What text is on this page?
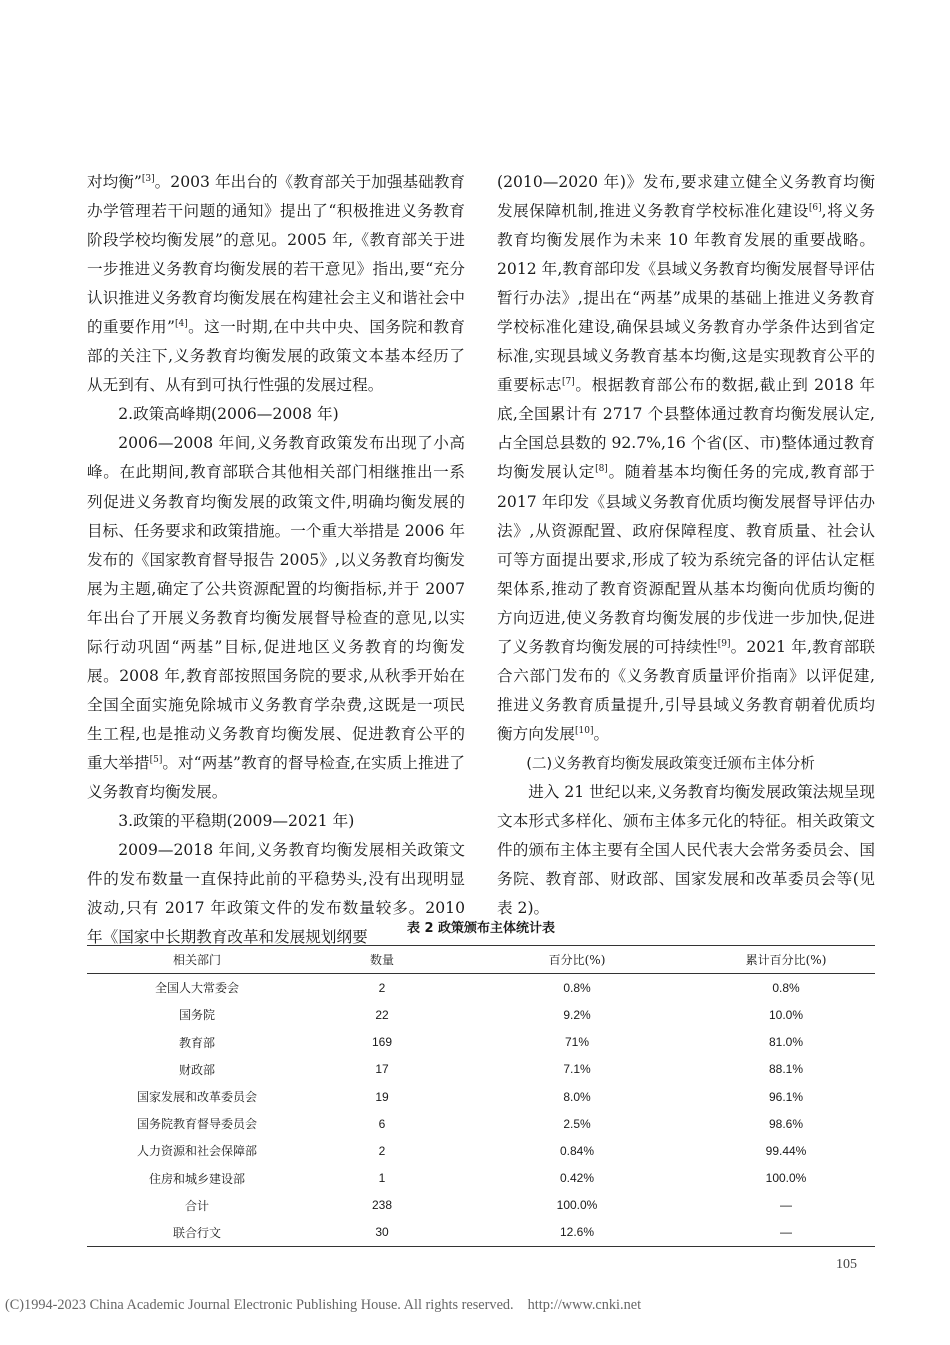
对均衡”[3]。2003 年出台的《教育部关于加强基础教育办学管理若干问题的通知》提出了“积极推进义务教育阶段学校均衡发展”的意见。2005 年,《教育部关于进一步推进义务教育均衡发展的若干意见》指出,要“充分认识推进义务教育均衡发展在构建社会主义和谐社会中的重要作用”[4]。这一时期,在中共中央、国务院和教育部的关注下,义务教育均衡发展的政策文本基本经历了从无到有、从有到可执行性强的发展过程。

2.政策高峰期(2006—2008 年)

2006—2008 年间,义务教育政策发布出现了小高峰。在此期间,教育部联合其他相关部门相继推出一系列促进义务教育均衡发展的政策文件,明确均衡发展的目标、任务要求和政策措施。一个重大举措是 2006 年发布的《国家教育督导报告 2005》,以义务教育均衡发展为主题,确定了公共资源配置的均衡指标,并于 2007 年出台了开展义务教育均衡发展督导检查的意见,以实际行动巩固“两基”目标,促进地区义务教育的均衡发展。2008 年,教育部按照国务院的要求,从秋季开始在全国全面实施免除城市义务教育学杂费,这既是一项民生工程,也是推动义务教育均衡发展、促进教育公平的重大举措[5]。对“两基”教育的督导检查,在实质上推进了义务教育均衡发展。

3.政策的平稳期(2009—2021 年)

2009—2018 年间,义务教育均衡发展相关政策文件的发布数量一直保持此前的平稳势头,没有出现明显波动,只有 2017 年政策文件的发布数量较多。2010 年《国家中长期教育改革和发展规划纲要

(2010—2020 年)》发布,要求建立健全义务教育均衡发展保障机制,推进义务教育学校标准化建设[6],将义务教育均衡发展作为未来 10 年教育发展的重要战略。2012 年,教育部印发《县域义务教育均衡发展督导评估暂行办法》,提出在“两基”成果的基础上推进义务教育学校标准化建设,确保县域义务教育办学条件达到省定标准,实现县域义务教育基本均衡,这是实现教育公平的重要标志[7]。根据教育部公布的数据,截止到 2018 年底,全国累计有 2717 个县整体通过教育均衡发展认定,占全国总县数的 92.7%,16 个省(区、市)整体通过教育均衡发展认定[8]。随着基本均衡任务的完成,教育部于 2017 年印发《县域义务教育优质均衡发展督导评估办法》,从资源配置、政府保障程度、教育质量、社会认可等方面提出要求,形成了较为系统完备的评估认定框架体系,推动了教育资源配置从基本均衡向优质均衡的方向迈进,使义务教育均衡发展的步伐进一步加快,促进了义务教育均衡发展的可持续性[9]。2021 年,教育部联合六部门发布的《义务教育质量评价指南》以评促建,推进义务教育质量提升,引导县域义务教育朝着优质均衡方向发展[10]。

(二)义务教育均衡发展政策变迁颁布主体分析

进入 21 世纪以来,义务教育均衡发展政策法规呈现文本形式多样化、颁布主体多元化的特征。相关政策文件的颁布主体主要有全国人民代表大会常务委员会、国务院、教育部、财政部、国家发展和改革委员会等(见表 2)。

表 2 政策颁布主体统计表
相关部门	数量	百分比(%)	累计百分比(%)
全国人大常委会	2	0.8%	0.8%
国务院	22	9.2%	10.0%
教育部	169	71%	81.0%
财政部	17	7.1%	88.1%
国家发展和改革委员会	19	8.0%	96.1%
国务院教育督导委员会	6	2.5%	98.6%
人力资源和社会保障部	2	0.84%	99.44%
住房和城乡建设部	1	0.42%	100.0%
合计	238	100.0%	—
联合行文	30	12.6%	—
105
(C)1994-2023 China Academic Journal Electronic Publishing House. All rights reserved. http://www.cnki.net
